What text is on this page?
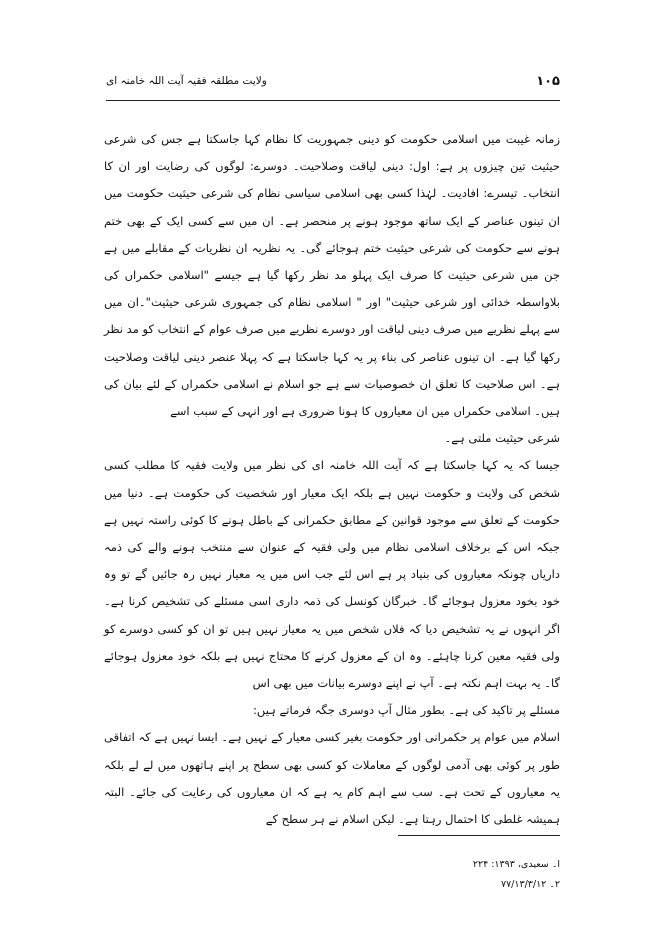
۱۰۵
ولایت مطلقہ فقیہ آیت اللہ خامنہ ای

زمانہ غیبت میں اسلامی حکومت کو دینی جمہوریت کا نظام کہا جاسکتا ہے جس کی شرعی حیثیت تین چیزوں پر ہے: اول: دینی لیاقت وصلاحیت۔ دوسرے: لوگوں کی رضایت اور ان کا انتخاب۔ تیسرے: افادیت۔ لہٰذا کسی بھی اسلامی سیاسی نظام کی شرعی حیثیت حکومت میں ان تینوں عناصر کے ایک ساتھ موجود ہونے پر منحصر ہے۔ ان میں سے کسی ایک کے بھی ختم ہونے سے حکومت کی شرعی حیثیت ختم ہوجائے گی۔ یہ نظریہ ان نظریات کے مقابلے میں ہے جن میں شرعی حیثیت کا صرف ایک پہلو مد نظر رکھا گیا ہے جیسے "اسلامی حکمراں کی بلاواسطہ خدائی اور شرعی حیثیت" اور " اسلامی نظام کی جمہوری شرعی حیثیت"۔ان میں سے پہلے نظریے میں صرف دینی لیاقت اور دوسرے نظریے میں صرف عوام کے انتخاب کو مد نظر رکھا گیا ہے۔ ان تینوں عناصر کی بناء پر یہ کہا جاسکتا ہے کہ پہلا عنصر دینی لیاقت وصلاحیت ہے۔ اس صلاحیت کا تعلق ان خصوصیات سے ہے جو اسلام نے اسلامی حکمراں کے لئے بیان کی ہیں۔ اسلامی حکمراں میں ان معیاروں کا ہونا ضروری ہے اور انہی کے سبب اسے

شرعی حیثیت ملتی ہے۔

جیسا کہ یہ کہا جاسکتا ہے کہ آیت اللہ خامنہ ای کی نظر میں ولایت فقیہ کا مطلب کسی شخص کی ولایت و حکومت نہیں ہے بلکہ ایک معیار اور شخصیت کی حکومت ہے۔ دنیا میں حکومت کے تعلق سے موجود قوانین کے مطابق حکمرانی کے باطل ہونے کا کوئی راستہ نہیں ہے جبکہ اس کے برخلاف اسلامی نظام میں ولی فقیہ کے عنوان سے منتخب ہونے والے کی ذمہ داریاں چونکہ معیاروں کی بنیاد پر ہے اس لئے جب اس میں یہ معیار نہیں رہ جائیں گے تو وہ خود بخود معزول ہوجائے گا۔ خبرگان کونسل کی ذمہ داری اسی مسئلے کی تشخیص کرنا ہے۔ اگر انہوں نے یہ تشخیص دیا کہ فلاں شخص میں یہ معیار نہیں ہیں تو ان کو کسی دوسرے کو ولی فقیہ معین کرنا چاہئے۔ وہ ان کے معزول کرنے کا محتاج نہیں ہے بلکہ خود معزول ہوجائے گا۔ یہ بہت اہم نکتہ ہے۔ آپ نے اپنے دوسرے بیانات میں بھی اس

مسئلے پر تاکید کی ہے۔ بطور مثال آپ دوسری جگہ فرماتے ہیں:

اسلام میں عوام پر حکمرانی اور حکومت بغیر کسی معیار کے نہیں ہے۔ ایسا نہیں ہے کہ اتفاقی طور پر کوئی بھی آدمی لوگوں کے معاملات کو کسی بھی سطح پر اپنے ہاتھوں میں لے لے بلکہ یہ معیاروں کے تحت ہے۔ سب سے اہم کام یہ ہے کہ ان معیاروں کی رعایت کی جائے۔ البتہ ہمیشہ غلطی کا احتمال رہتا ہے۔ لیکن اسلام نے ہر سطح کے

ا۔ سعیدی، ۱۳۹۳: ۲۲۴
۲۔ ۷۷/۱۳/۳/۱۲
